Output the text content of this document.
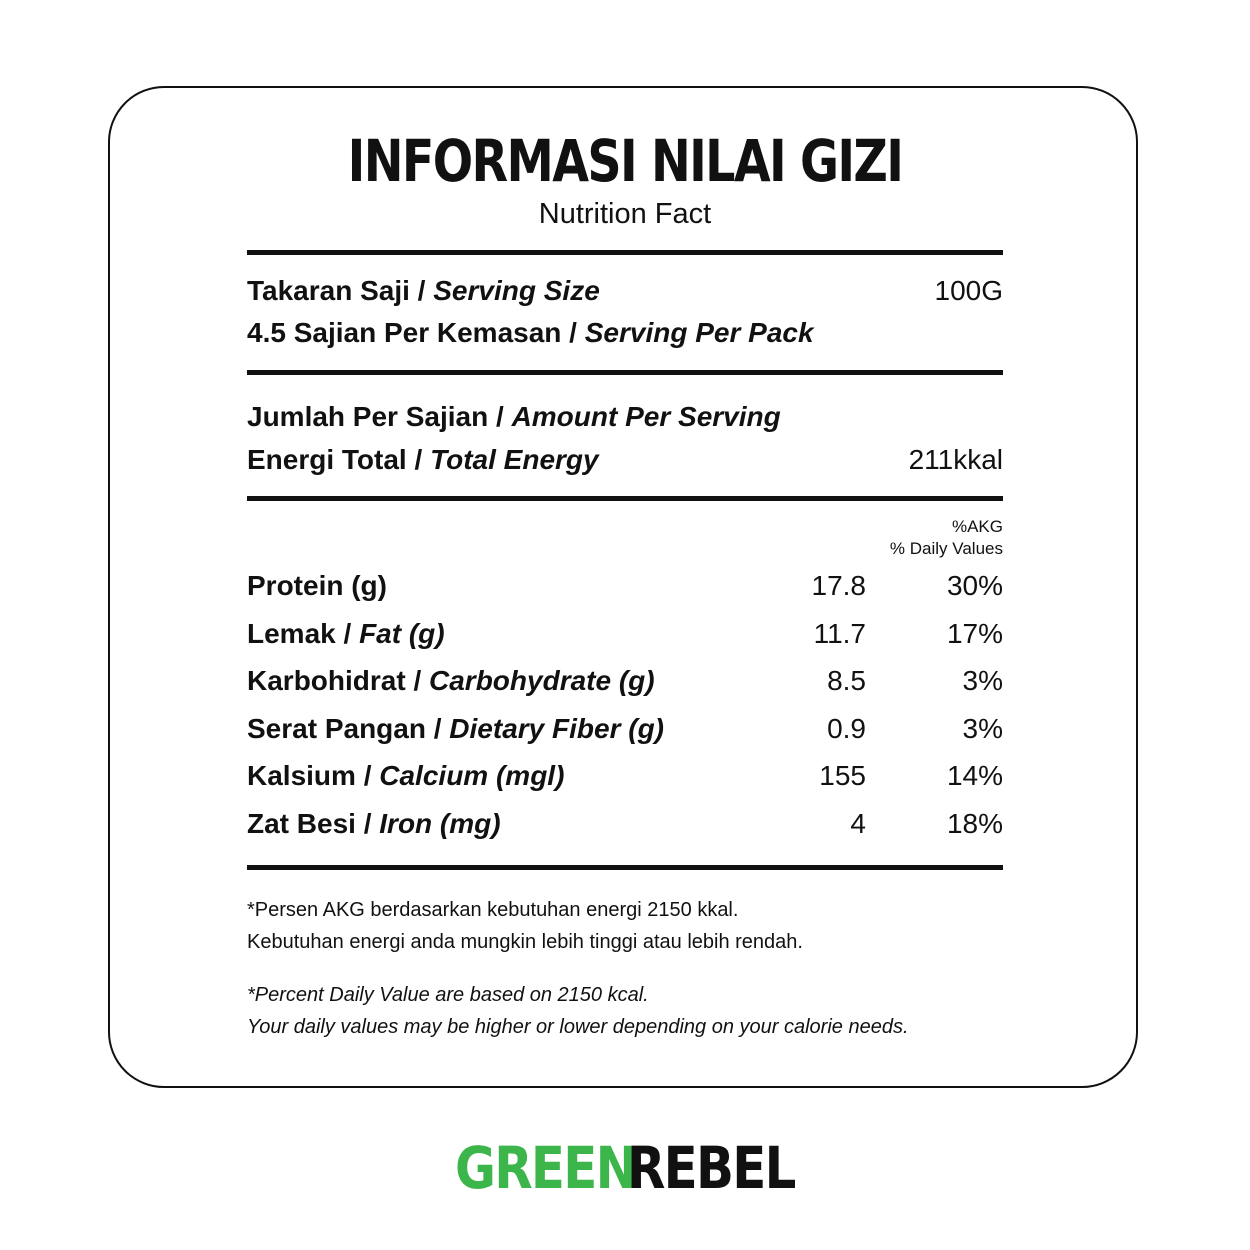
INFORMASI NILAI GIZI
Nutrition Fact
Takaran Saji / Serving Size	100G
4.5 Sajian Per Kemasan / Serving Per Pack
Jumlah Per Sajian / Amount Per Serving
Energi Total / Total Energy	211kkal
%AKG
% Daily Values
Protein (g)	17.8	30%
Lemak / Fat (g)	11.7	17%
Karbohidrat / Carbohydrate (g)	8.5	3%
Serat Pangan / Dietary Fiber (g)	0.9	3%
Kalsium / Calcium (mgl)	155	14%
Zat Besi / Iron (mg)	4	18%
*Persen AKG berdasarkan kebutuhan energi 2150 kkal.
Kebutuhan energi anda mungkin lebih tinggi atau lebih rendah.
*Percent Daily Value are based on 2150 kcal.
Your daily values may be higher or lower depending on your calorie needs.
GREEN
REBEL
